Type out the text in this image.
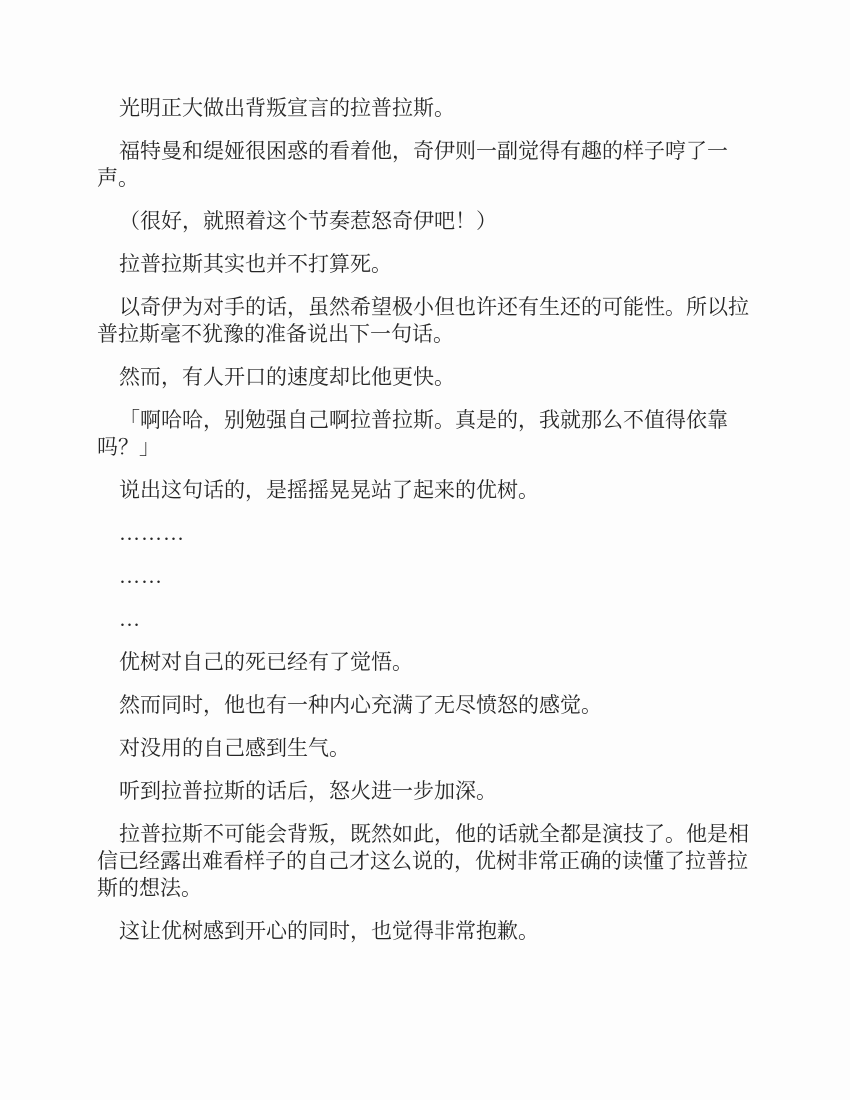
光明正大做出背叛宣言的拉普拉斯。

福特曼和缇娅很困惑的看着他，奇伊则一副觉得有趣的样子哼了一声。

（很好，就照着这个节奏惹怒奇伊吧！）

拉普拉斯其实也并不打算死。

以奇伊为对手的话，虽然希望极小但也许还有生还的可能性。所以拉普拉斯毫不犹豫的准备说出下一句话。

然而，有人开口的速度却比他更快。

「啊哈哈，别勉强自己啊拉普拉斯。真是的，我就那么不值得依靠吗？」

说出这句话的，是摇摇晃晃站了起来的优树。

………

……

…

优树对自己的死已经有了觉悟。

然而同时，他也有一种内心充满了无尽愤怒的感觉。

对没用的自己感到生气。

听到拉普拉斯的话后，怒火进一步加深。

拉普拉斯不可能会背叛，既然如此，他的话就全都是演技了。他是相信已经露出难看样子的自己才这么说的，优树非常正确的读懂了拉普拉斯的想法。

这让优树感到开心的同时，也觉得非常抱歉。
